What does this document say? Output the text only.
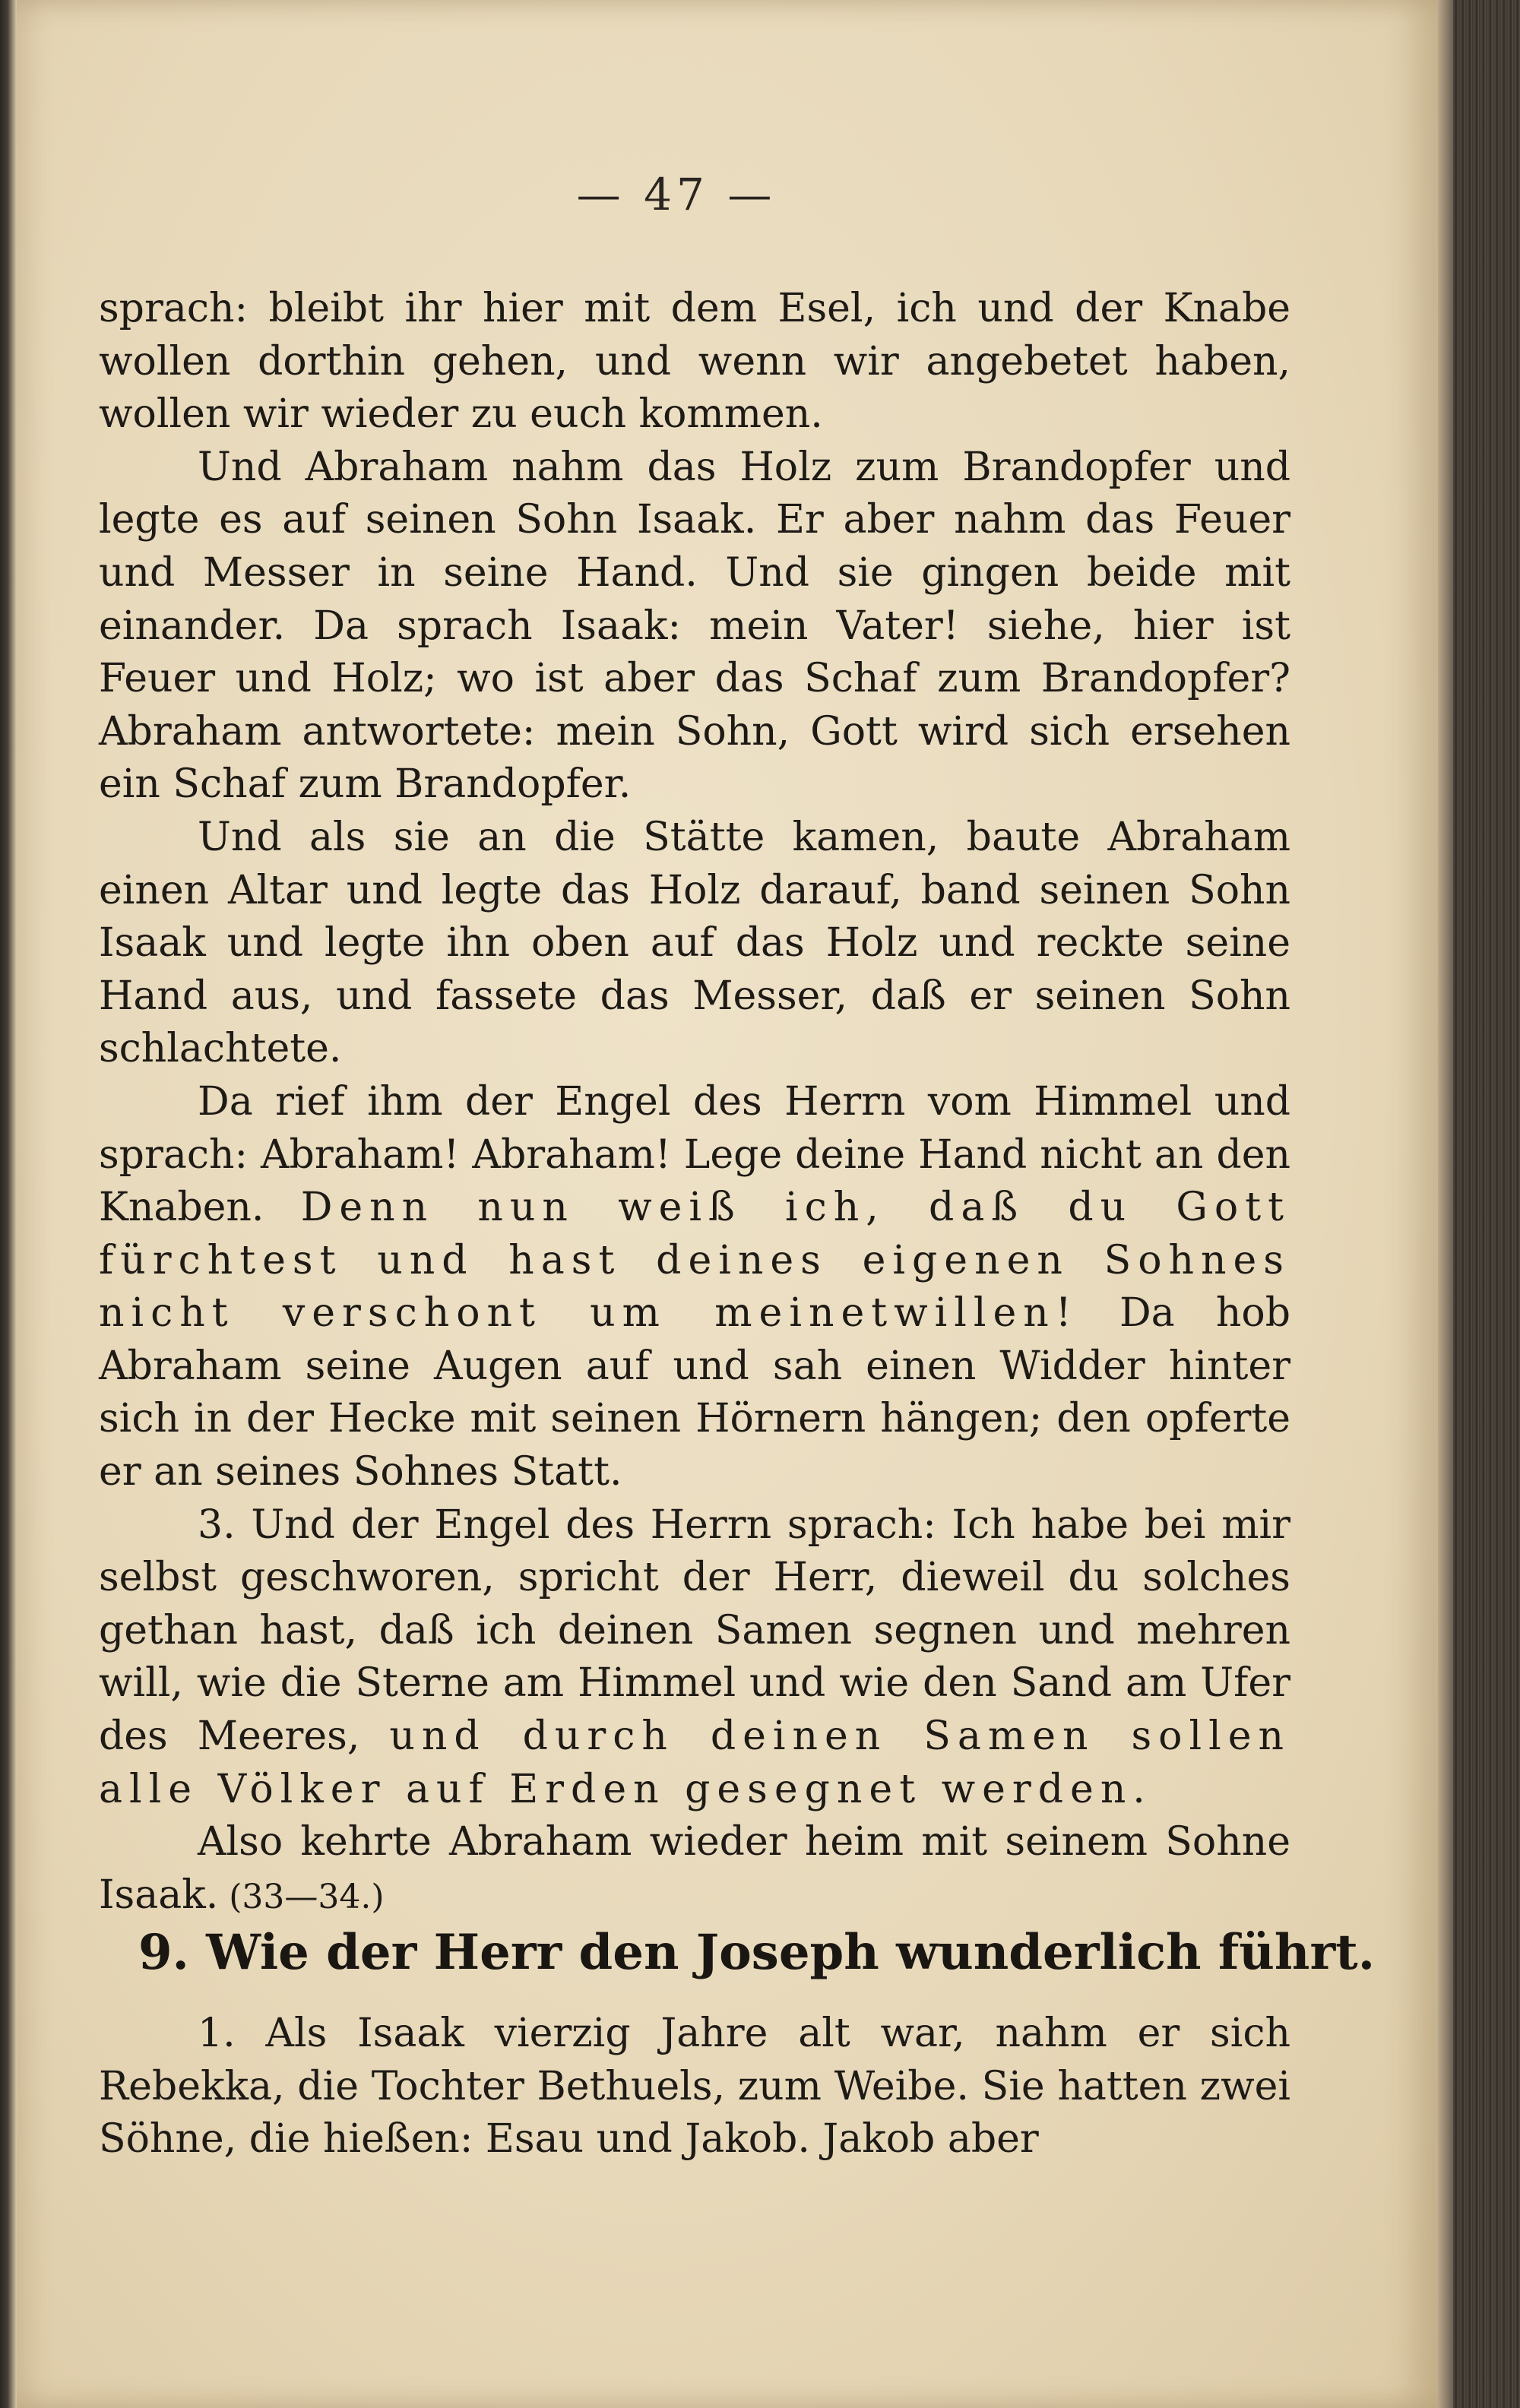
— 47 —

sprach: bleibt ihr hier mit dem Esel, ich und der Knabe wollen dorthin gehen, und wenn wir angebetet haben, wollen wir wieder zu euch kommen.

Und Abraham nahm das Holz zum Brandopfer und legte es auf seinen Sohn Isaak. Er aber nahm das Feuer und Messer in seine Hand. Und sie gingen beide mit einander. Da sprach Isaak: mein Vater! siehe, hier ist Feuer und Holz; wo ist aber das Schaf zum Brandopfer? Abraham antwortete: mein Sohn, Gott wird sich ersehen ein Schaf zum Brandopfer.

Und als sie an die Stätte kamen, baute Abraham einen Altar und legte das Holz darauf, band seinen Sohn Isaak und legte ihn oben auf das Holz und reckte seine Hand aus, und fassete das Messer, daß er seinen Sohn schlachtete.

Da rief ihm der Engel des Herrn vom Himmel und sprach: Abraham! Abraham! Lege deine Hand nicht an den Knaben. Denn nun weiß ich, daß du Gott fürchtest und hast deines eigenen Sohnes nicht verschont um meinetwillen! Da hob Abraham seine Augen auf und sah einen Widder hinter sich in der Hecke mit seinen Hörnern hängen; den opferte er an seines Sohnes Statt.

3. Und der Engel des Herrn sprach: Ich habe bei mir selbst geschworen, spricht der Herr, dieweil du solches gethan hast, daß ich deinen Samen segnen und mehren will, wie die Sterne am Himmel und wie den Sand am Ufer des Meeres, und durch deinen Samen sollen alle Völker auf Erden gesegnet werden.

Also kehrte Abraham wieder heim mit seinem Sohne Isaak. (33—34.)

9. Wie der Herr den Joseph wunderlich führt.

1. Als Isaak vierzig Jahre alt war, nahm er sich Rebekka, die Tochter Bethuels, zum Weibe. Sie hatten zwei Söhne, die hießen: Esau und Jakob. Jakob aber
